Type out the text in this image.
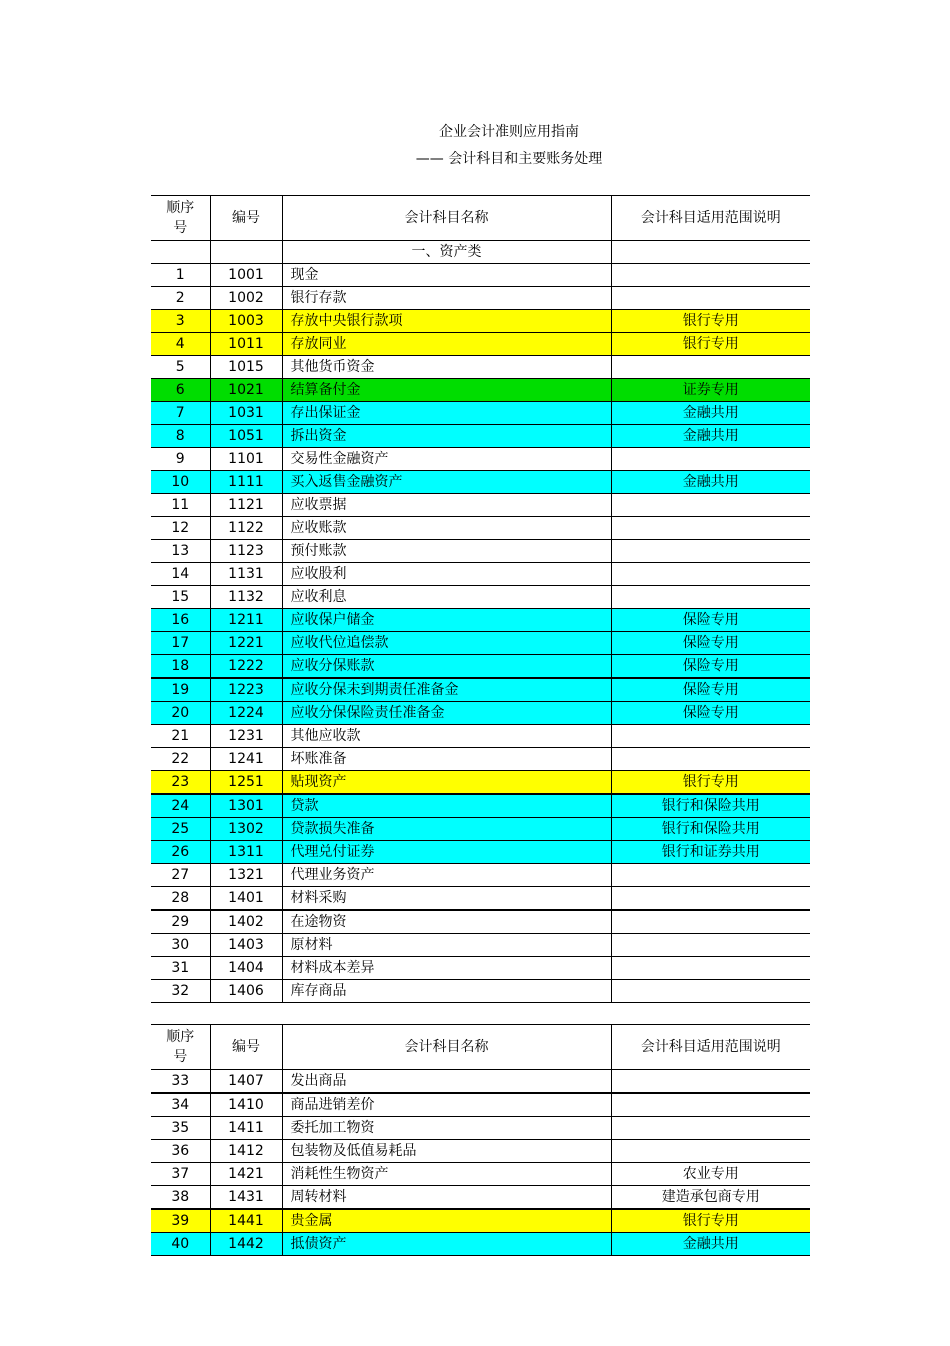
企业会计准则应用指南
—— 会计科目和主要账务处理
顺序
号	编号	会计科目名称	会计科目适用范围说明
		一、资产类	
1	1001	现金	
2	1002	银行存款	
3	1003	存放中央银行款项	银行专用
4	1011	存放同业	银行专用
5	1015	其他货币资金	
6	1021	结算备付金	证券专用
7	1031	存出保证金	金融共用
8	1051	拆出资金	金融共用
9	1101	交易性金融资产	
10	1111	买入返售金融资产	金融共用
11	1121	应收票据	
12	1122	应收账款	
13	1123	预付账款	
14	1131	应收股利	
15	1132	应收利息	
16	1211	应收保户储金	保险专用
17	1221	应收代位追偿款	保险专用
18	1222	应收分保账款	保险专用
19	1223	应收分保未到期责任准备金	保险专用
20	1224	应收分保保险责任准备金	保险专用
21	1231	其他应收款	
22	1241	坏账准备	
23	1251	贴现资产	银行专用
24	1301	贷款	银行和保险共用
25	1302	贷款损失准备	银行和保险共用
26	1311	代理兑付证券	银行和证券共用
27	1321	代理业务资产	
28	1401	材料采购	
29	1402	在途物资	
30	1403	原材料	
31	1404	材料成本差异	
32	1406	库存商品	
顺序
号	编号	会计科目名称	会计科目适用范围说明
33	1407	发出商品	
34	1410	商品进销差价	
35	1411	委托加工物资	
36	1412	包装物及低值易耗品	
37	1421	消耗性生物资产	农业专用
38	1431	周转材料	建造承包商专用
39	1441	贵金属	银行专用
40	1442	抵债资产	金融共用
